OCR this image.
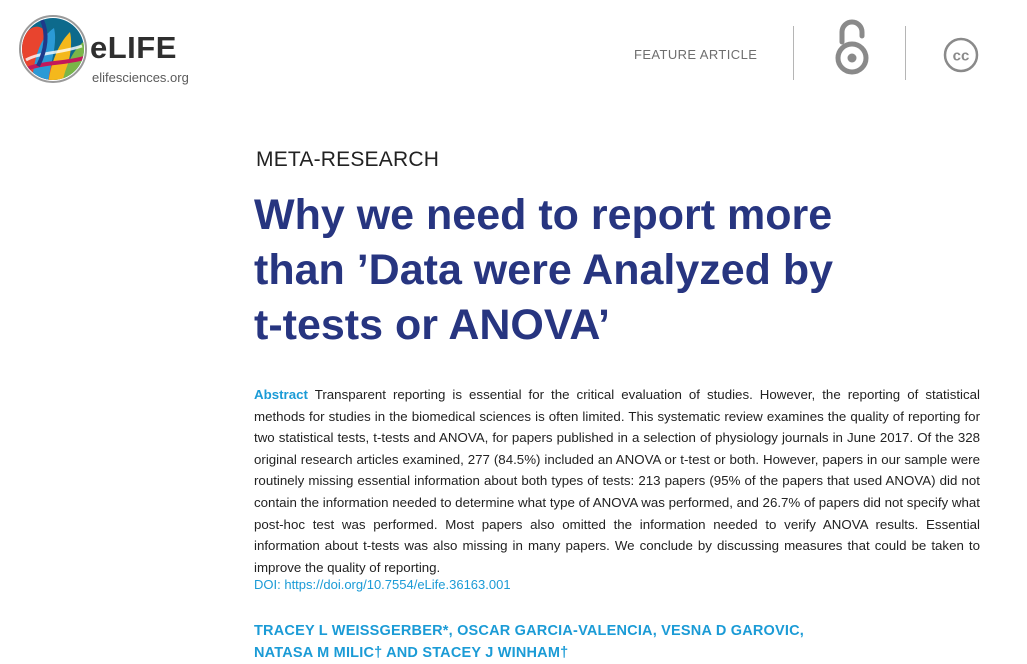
eLIFE
elifesciences.org
FEATURE ARTICLE	cc
META-RESEARCH
Why we need to report more
than ’Data were Analyzed by
t-tests or ANOVA’

Abstract Transparent reporting is essential for the critical evaluation of studies. However, the reporting of statistical methods for studies in the biomedical sciences is often limited. This systematic review examines the quality of reporting for two statistical tests, t-tests and ANOVA, for papers published in a selection of physiology journals in June 2017. Of the 328 original research articles examined, 277 (84.5%) included an ANOVA or t-test or both. However, papers in our sample were routinely missing essential information about both types of tests: 213 papers (95% of the papers that used ANOVA) did not contain the information needed to determine what type of ANOVA was performed, and 26.7% of papers did not specify what post-hoc test was performed. Most papers also omitted the information needed to verify ANOVA results. Essential information about t-tests was also missing in many papers. We conclude by discussing measures that could be taken to improve the quality of reporting.

DOI: https://doi.org/10.7554/eLife.36163.001

TRACEY L WEISSGERBER*, OSCAR GARCIA-VALENCIA, VESNA D GAROVIC,
NATASA M MILIC† AND STACEY J WINHAM†
